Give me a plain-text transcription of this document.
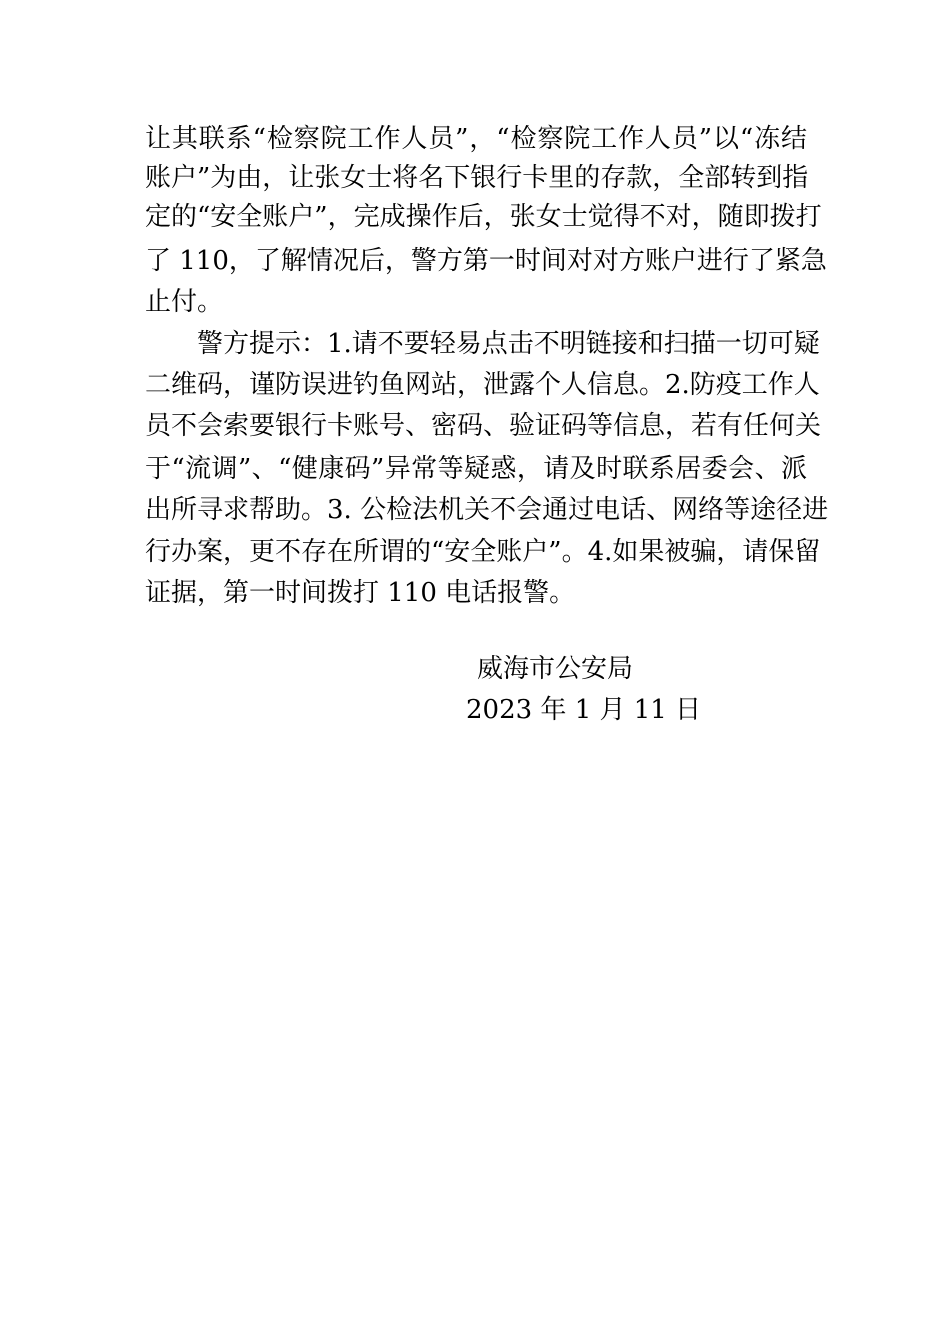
让其联系“检察院工作人员”，“检察院工作人员”以“冻结

账户”为由，让张女士将名下银行卡里的存款，全部转到指

定的“安全账户”，完成操作后，张女士觉得不对，随即拨打

了 110，了解情况后，警方第一时间对对方账户进行了紧急

止付。

警方提示：1.请不要轻易点击不明链接和扫描一切可疑

二维码，谨防误进钓鱼网站，泄露个人信息。2.防疫工作人

员不会索要银行卡账号、密码、验证码等信息，若有任何关

于“流调”、“健康码”异常等疑惑，请及时联系居委会、派

出所寻求帮助。3. 公检法机关不会通过电话、网络等途径进

行办案，更不存在所谓的“安全账户”。4.如果被骗，请保留

证据，第一时间拨打 110 电话报警。

威海市公安局

2023 年 1 月 11 日
